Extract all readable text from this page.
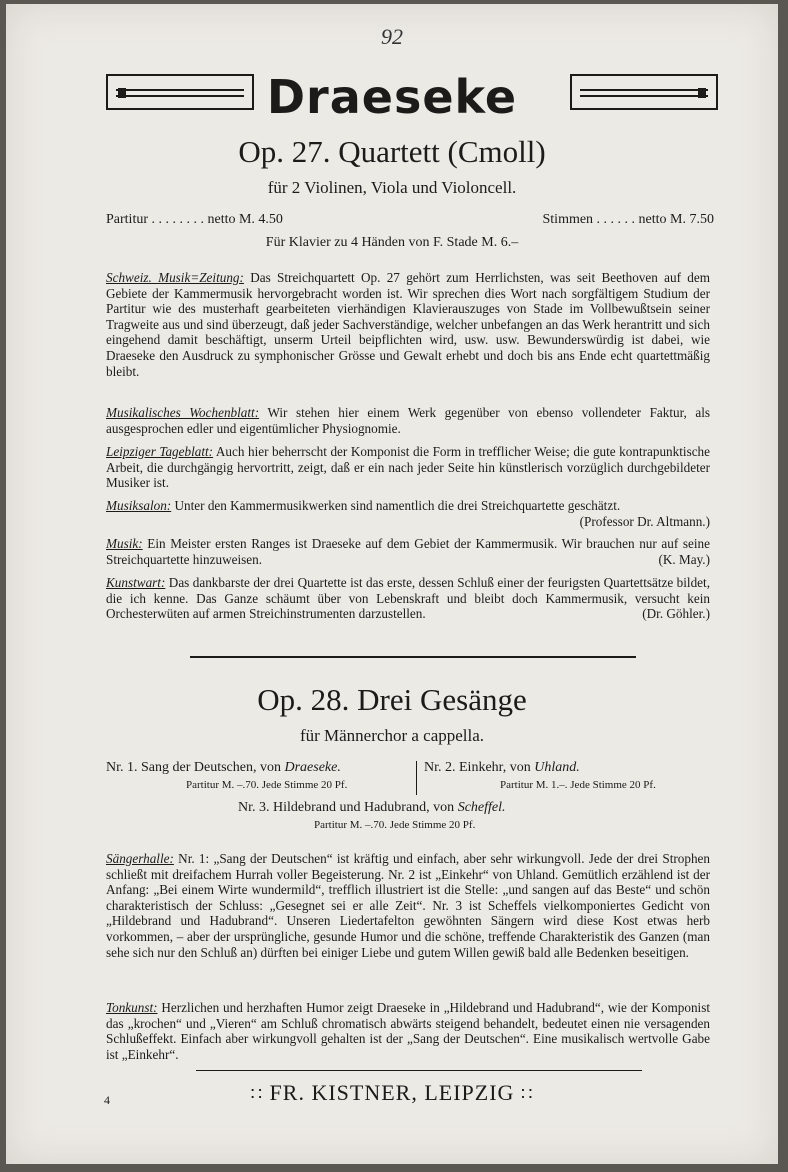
92
Draeseke
Op. 27. Quartett (Cmoll)
für 2 Violinen, Viola und Violoncell.
Partitur . . . . . . . . netto M. 4.50	Stimmen . . . . . . netto M. 7.50
Für Klavier zu 4 Händen von F. Stade M. 6.–
Schweiz. Musik=Zeitung: Das Streichquartett Op. 27 gehört zum Herrlichsten, was seit Beethoven auf dem Gebiete der Kammermusik hervorgebracht worden ist. Wir sprechen dies Wort nach sorgfältigem Studium der Partitur wie des musterhaft gearbeiteten vierhändigen Klavierauszuges von Stade im Vollbewußtsein seiner Tragweite aus und sind überzeugt, daß jeder Sachverständige, welcher unbefangen an das Werk herantritt und sich eingehend damit beschäftigt, unserm Urteil beipflichten wird, usw. usw. Bewunderswürdig ist dabei, wie Draeseke den Ausdruck zu symphonischer Grösse und Gewalt erhebt und doch bis ans Ende echt quartettmäßig bleibt.
Musikalisches Wochenblatt: Wir stehen hier einem Werk gegenüber von ebenso vollendeter Faktur, als ausgesprochen edler und eigentümlicher Physiognomie.
Leipziger Tageblatt: Auch hier beherrscht der Komponist die Form in trefflicher Weise; die gute kontrapunktische Arbeit, die durchgängig hervortritt, zeigt, daß er ein nach jeder Seite hin künstlerisch vorzüglich durchgebildeter Musiker ist.
Musiksalon: Unter den Kammermusikwerken sind namentlich die drei Streichquartette geschätzt.
(Professor Dr. Altmann.)
Musik: Ein Meister ersten Ranges ist Draeseke auf dem Gebiet der Kammermusik. Wir brauchen nur auf seine Streichquartette hinzuweisen.	(K. May.)
Kunstwart: Das dankbarste der drei Quartette ist das erste, dessen Schluß einer der feurigsten Quartettsätze bildet, die ich kenne. Das Ganze schäumt über von Lebenskraft und bleibt doch Kammermusik, versucht kein Orchesterwüten auf armen Streichinstrumenten darzustellen.	(Dr. Göhler.)
Op. 28. Drei Gesänge
für Männerchor a cappella.
Nr. 1. Sang der Deutschen, von Draeseke.
Partitur M. –.70. Jede Stimme 20 Pf.
Nr. 2. Einkehr, von Uhland.
Partitur M. 1.–. Jede Stimme 20 Pf.
Nr. 3. Hildebrand und Hadubrand, von Scheffel.
Partitur M. –.70. Jede Stimme 20 Pf.
Sängerhalle: Nr. 1: „Sang der Deutschen“ ist kräftig und einfach, aber sehr wirkungvoll. Jede der drei Strophen schließt mit dreifachem Hurrah voller Begeisterung. Nr. 2 ist „Einkehr“ von Uhland. Gemütlich erzählend ist der Anfang: „Bei einem Wirte wundermild“, trefflich illustriert ist die Stelle: „und sangen auf das Beste“ und schön charakteristisch der Schluss: „Gesegnet sei er alle Zeit“. Nr. 3 ist Scheffels vielkomponiertes Gedicht von „Hildebrand und Hadubrand“. Unseren Liedertafelton gewöhnten Sängern wird diese Kost etwas herb vorkommen, – aber der ursprüngliche, gesunde Humor und die schöne, treffende Charakteristik des Ganzen (man sehe sich nur den Schluß an) dürften bei einiger Liebe und gutem Willen gewiß bald alle Bedenken beseitigen.
Tonkunst: Herzlichen und herzhaften Humor zeigt Draeseke in „Hildebrand und Hadubrand“, wie der Komponist das „krochen“ und „Vieren“ am Schluß chromatisch abwärts steigend behandelt, bedeutet einen nie versagenden Schlußeffekt. Einfach aber wirkungvoll gehalten ist der „Sang der Deutschen“. Eine musikalisch wertvolle Gabe ist „Einkehr“.
4	∷ FR. KISTNER, LEIPZIG ∷
